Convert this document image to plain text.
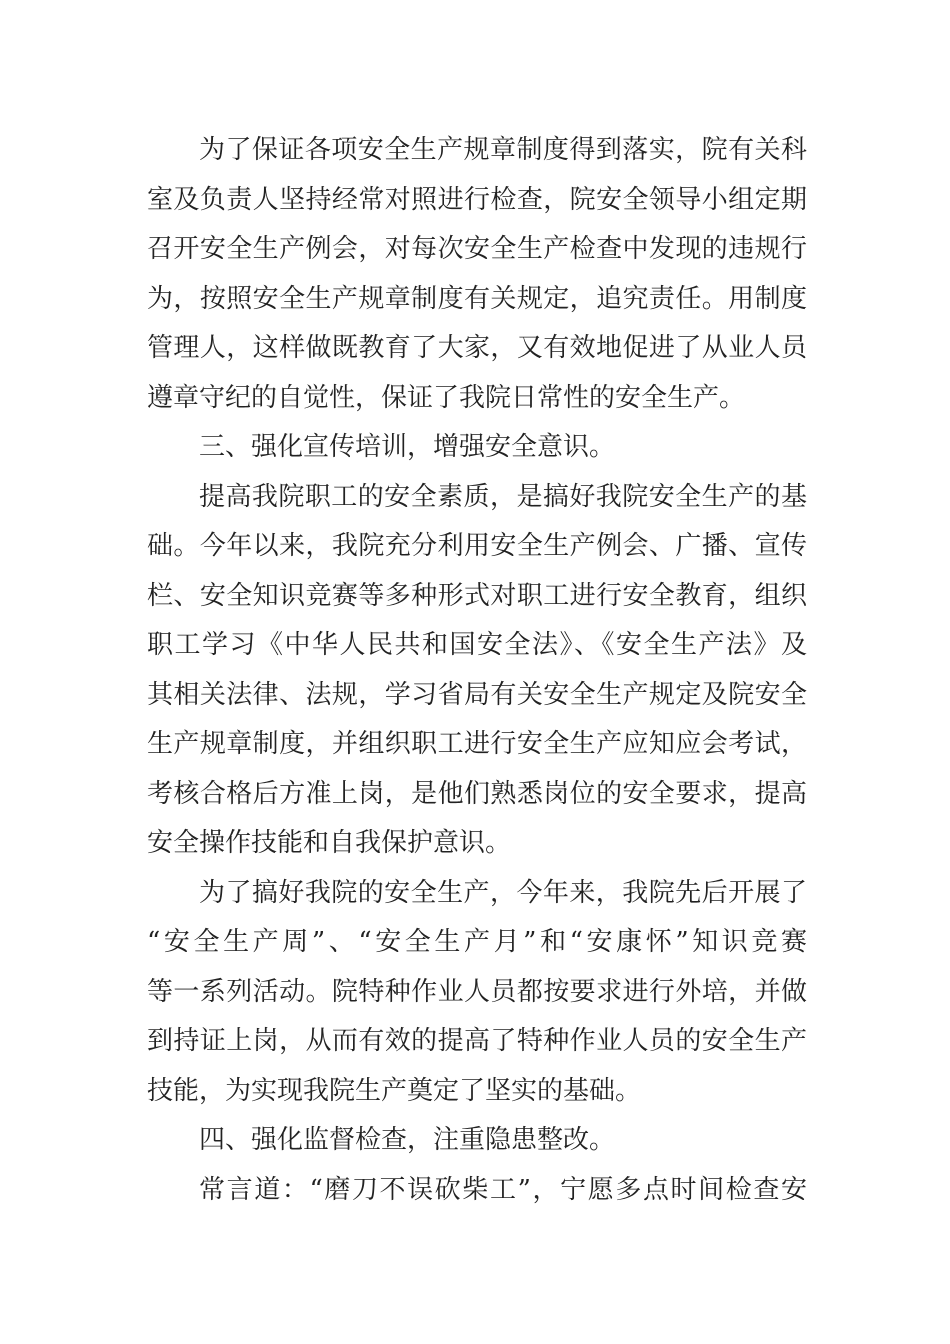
为了保证各项安全生产规章制度得到落实，院有关科
室及负责人坚持经常对照进行检查，院安全领导小组定期
召开安全生产例会，对每次安全生产检查中发现的违规行
为，按照安全生产规章制度有关规定，追究责任。用制度
管理人，这样做既教育了大家，又有效地促进了从业人员
遵章守纪的自觉性，保证了我院日常性的安全生产。
三、强化宣传培训，增强安全意识。
提高我院职工的安全素质，是搞好我院安全生产的基
础。今年以来，我院充分利用安全生产例会、广播、宣传
栏、安全知识竞赛等多种形式对职工进行安全教育，组织
职工学习《中华人民共和国安全法》、《安全生产法》及
其相关法律、法规，学习省局有关安全生产规定及院安全
生产规章制度，并组织职工进行安全生产应知应会考试，
考核合格后方准上岗，是他们熟悉岗位的安全要求，提高
安全操作技能和自我保护意识。
为了搞好我院的安全生产，今年来，我院先后开展了
“安全生产周”、“安全生产月”和“安康怀”知识竞赛
等一系列活动。院特种作业人员都按要求进行外培，并做
到持证上岗，从而有效的提高了特种作业人员的安全生产
技能，为实现我院生产奠定了坚实的基础。
四、强化监督检查，注重隐患整改。
常言道：“磨刀不误砍柴工”，宁愿多点时间检查安
